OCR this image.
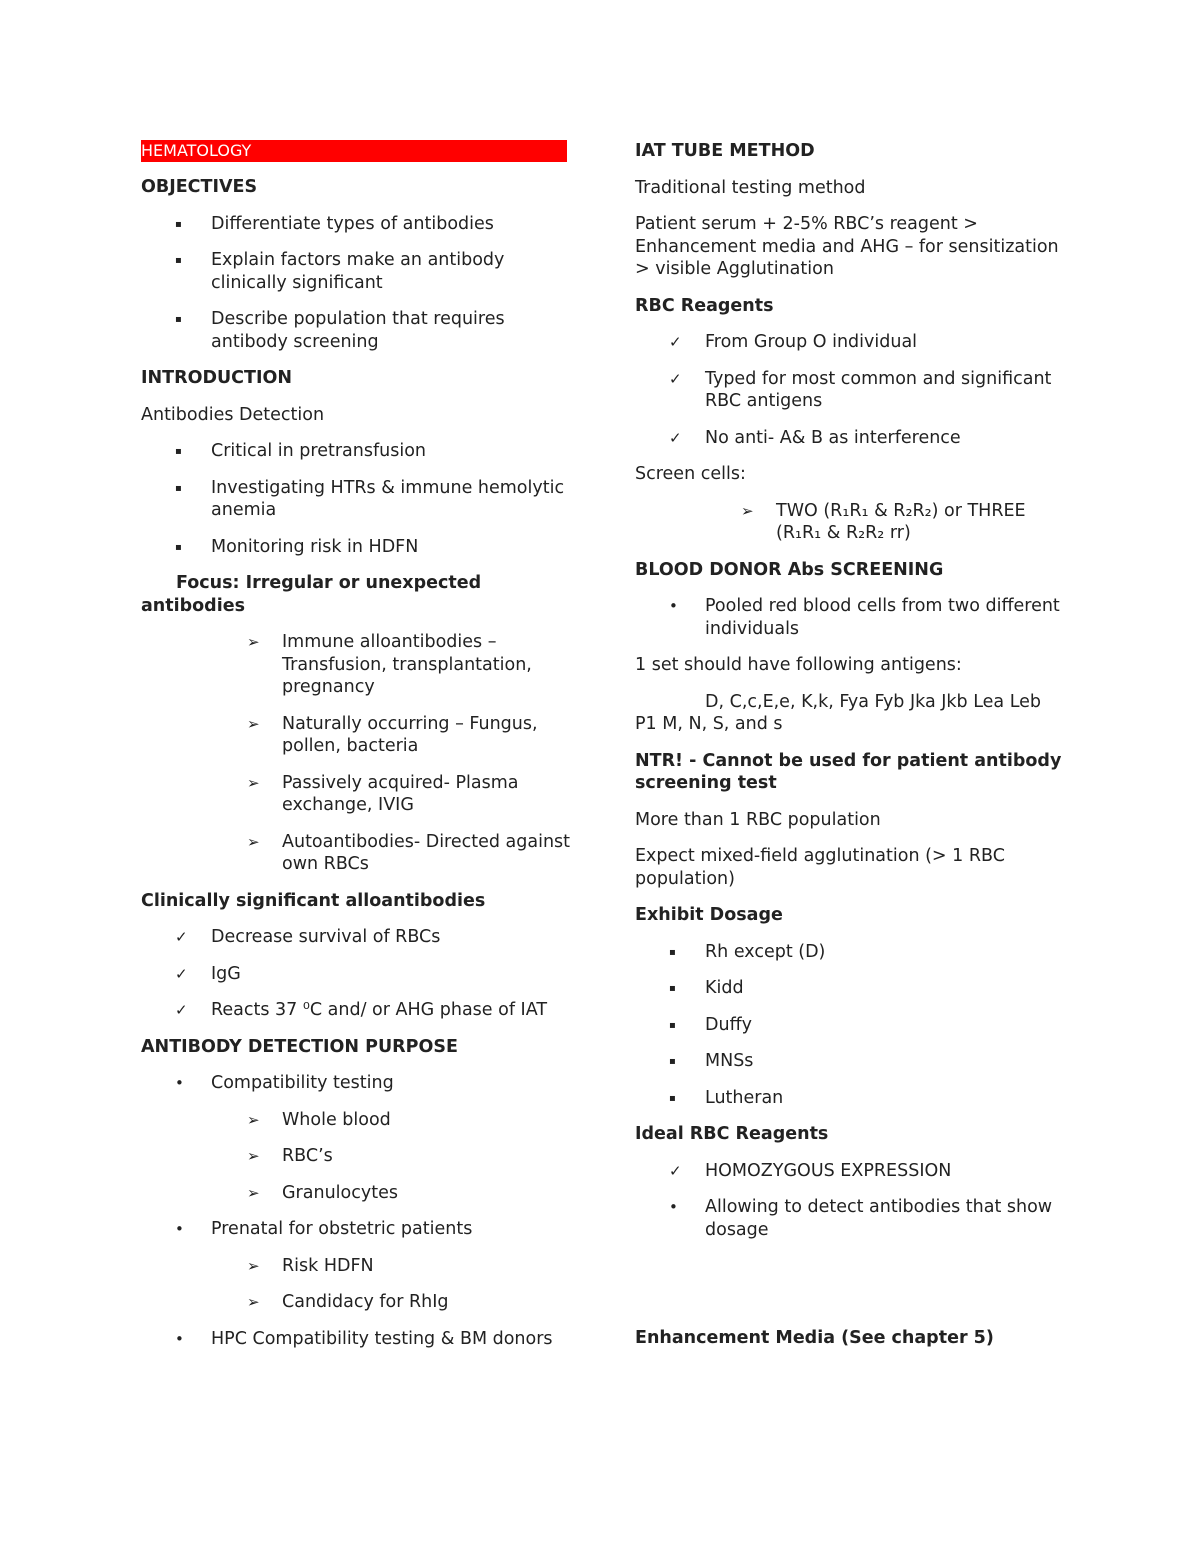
HEMATOLOGY
OBJECTIVES
▪ Differentiate types of antibodies
▪ Explain factors make an antibody clinically significant
▪ Describe population that requires antibody screening
INTRODUCTION
Antibodies Detection
▪ Critical in pretransfusion
▪ Investigating HTRs & immune hemolytic anemia
▪ Monitoring risk in HDFN
Focus: Irregular or unexpected antibodies
➢ Immune alloantibodies – Transfusion, transplantation, pregnancy
➢ Naturally occurring – Fungus, pollen, bacteria
➢ Passively acquired- Plasma exchange, IVIG
➢ Autoantibodies- Directed against own RBCs
Clinically significant alloantibodies
✓ Decrease survival of RBCs
✓ IgG
✓ Reacts 37 ⁰C and/ or AHG phase of IAT
ANTIBODY DETECTION PURPOSE
• Compatibility testing
➢ Whole blood
➢ RBC’s
➢ Granulocytes
• Prenatal for obstetric patients
➢ Risk HDFN
➢ Candidacy for RhIg
• HPC Compatibility testing & BM donors
IAT TUBE METHOD
Traditional testing method
Patient serum + 2-5% RBC’s reagent > Enhancement media and AHG – for sensitization > visible Agglutination
RBC Reagents
✓ From Group O individual
✓ Typed for most common and significant RBC antigens
✓ No anti- A& B as interference
Screen cells:
➢ TWO (R₁R₁ & R₂R₂) or THREE (R₁R₁ & R₂R₂ rr)
BLOOD DONOR Abs SCREENING
• Pooled red blood cells from two different individuals
1 set should have following antigens:
D, C,c,E,e, K,k, Fya Fyb Jka Jkb Lea Leb P1 M, N, S, and s
NTR! - Cannot be used for patient antibody screening test
More than 1 RBC population
Expect mixed-field agglutination (> 1 RBC population)
Exhibit Dosage
▪ Rh except (D)
▪ Kidd
▪ Duffy
▪ MNSs
▪ Lutheran
Ideal RBC Reagents
✓ HOMOZYGOUS EXPRESSION
• Allowing to detect antibodies that show dosage
Enhancement Media (See chapter 5)
